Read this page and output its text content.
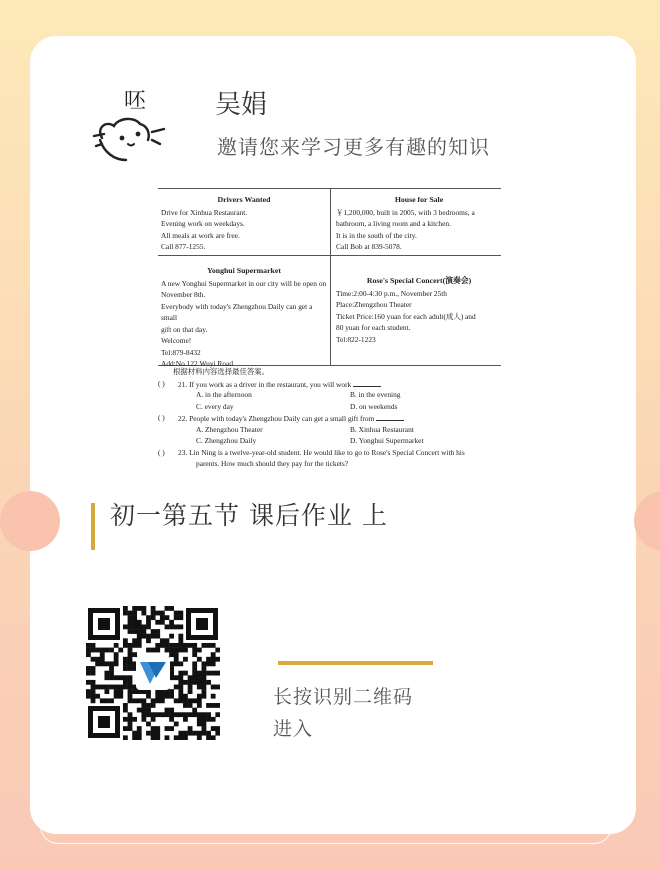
呸	吴娟
邀请您来学习更多有趣的知识
Drivers Wanted

Drive for Xinhua Restaurant.

Evening work on weekdays.

All meals at work are free.

Call 877-1255.

House for Sale

￥1,200,000, built in 2005, with 3 bedrooms, a

bathroom, a living room and a kitchen.

It is in the south of the city.

Call Bob at 839-5078.

Yonghui Supermarket

A new Yonghui Supermarket in our city will be open on

November 8th.

Everybody with today's Zhengzhou Daily can get a small

gift on that day.

Welcome!

Tel:879-8432

Add:No.122 Wuyi Road

Rose's Special Concert(演奏会)

Time:2:00-4:30 p.m., November 25th

Place:Zhengzhou Theater

Ticket Price:160 yuan for each adult(成人) and

80 yuan for each student.

Tel:822-1223

根据材料内容选择最佳答案。
( ) 21. If you work as a driver in the restaurant, you will work
A. in the afternoon	B. in the evening
C. every day	D. on weekends
( ) 22. People with today's Zhengzhou Daily can get a small gift from
A. Zhengzhou Theater	B. Xinhua Restaurant
C. Zhengzhou Daily	D. Yonghui Supermarket
( ) 23. Lin Ning is a twelve-year-old student. He would like to go to Rose's Special Concert with his
parents. How much should they pay for the tickets?
初一第五节 课后作业 上
长按识别二维码
进入
